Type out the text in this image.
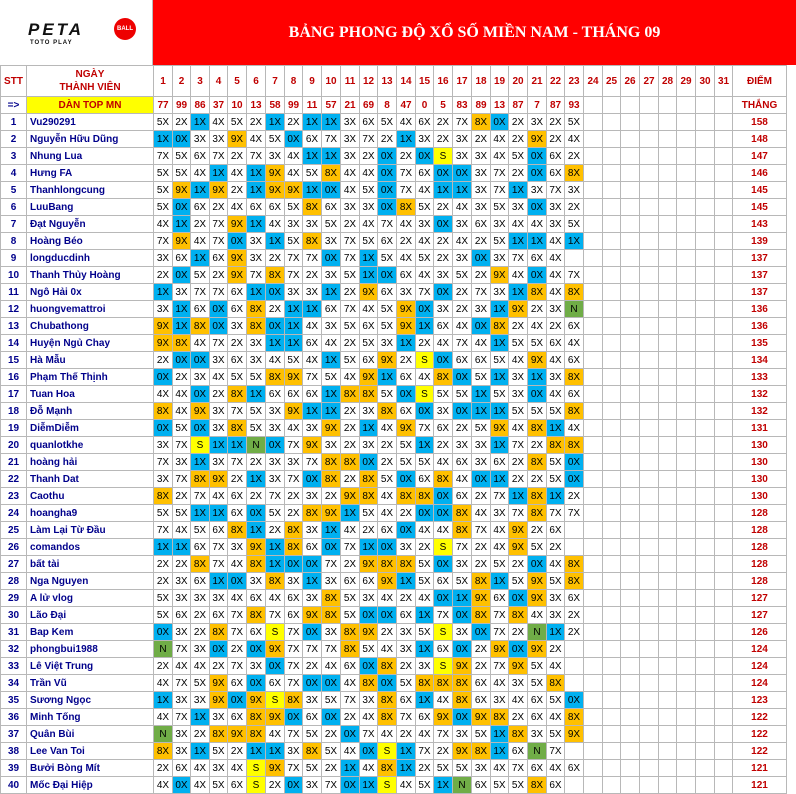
PETA
TOTO PLAY
BALL	BẢNG PHONG ĐỘ XỔ SỐ MIỀN NAM - THÁNG 09
STT	NGÀY
THÀNH VIÊN	1	2	3	4	5	6	7	8	9	10	11	12	13	14	15	16	17	18	19	20	21	22	23	24	25	26	27	28	29	30	31	ĐIỂM
=>	DÀN TOP MN	77	99	86	37	10	13	58	99	11	57	21	69	8	47	0	5	83	89	13	87	7	87	93									THẮNG
1	Vu290291	5X	2X	1X	4X	5X	2X	1X	2X	1X	1X	3X	6X	5X	4X	6X	2X	7X	8X	0X	2X	3X	2X	5X									158
2	Nguyễn Hữu Dũng	1X	0X	3X	3X	9X	4X	5X	0X	6X	7X	3X	7X	2X	1X	3X	2X	3X	2X	4X	2X	9X	2X	4X									148
3	Nhung Lua	7X	5X	6X	7X	2X	7X	3X	4X	1X	1X	3X	2X	0X	2X	0X	S	3X	3X	4X	5X	0X	6X	2X									147
4	Hưng FA	5X	5X	4X	1X	4X	1X	9X	4X	5X	8X	4X	4X	0X	7X	6X	0X	0X	3X	7X	2X	0X	6X	8X									146
5	Thanhlongcung	5X	9X	1X	9X	2X	1X	9X	9X	1X	0X	4X	5X	0X	7X	4X	1X	1X	3X	7X	1X	3X	7X	3X									145
6	LuuBang	5X	0X	6X	2X	4X	6X	6X	5X	8X	6X	3X	3X	0X	8X	5X	2X	4X	3X	5X	3X	0X	3X	2X									145
7	Đạt Nguyễn	4X	1X	2X	7X	9X	1X	4X	3X	3X	5X	2X	4X	7X	4X	3X	0X	3X	6X	3X	4X	4X	3X	5X									143
8	Hoàng Béo	7X	9X	4X	7X	0X	3X	1X	5X	8X	3X	7X	5X	6X	2X	4X	2X	4X	2X	5X	1X	1X	4X	1X									139
9	longducdinh	3X	6X	1X	6X	9X	3X	2X	7X	7X	0X	7X	1X	5X	4X	5X	2X	3X	0X	3X	7X	6X	4X										137
10	Thanh Thủy Hoàng	2X	0X	5X	2X	9X	7X	8X	7X	2X	3X	5X	1X	0X	6X	4X	3X	5X	2X	9X	4X	0X	4X	7X									137
11	Ngô Hải 0x	1X	3X	7X	7X	6X	1X	0X	3X	3X	1X	2X	9X	6X	3X	7X	0X	2X	7X	3X	1X	8X	4X	8X									137
12	huongvemattroi	3X	1X	6X	0X	6X	8X	2X	1X	1X	6X	7X	4X	5X	9X	0X	3X	2X	3X	1X	9X	2X	3X	N									136
13	Chubathong	9X	1X	8X	0X	3X	8X	0X	1X	4X	3X	5X	6X	5X	9X	1X	6X	4X	0X	8X	2X	4X	2X	6X									136
14	Huyện Ngủ Chay	9X	8X	4X	7X	2X	3X	1X	1X	6X	4X	2X	5X	3X	1X	2X	4X	7X	4X	1X	5X	5X	6X	4X									135
15	Hà Mẫu	2X	0X	0X	3X	6X	3X	4X	5X	4X	1X	5X	6X	9X	2X	S	0X	6X	6X	5X	4X	9X	4X	6X									134
16	Phạm Thế Thịnh	0X	2X	3X	4X	5X	5X	8X	9X	7X	5X	4X	9X	1X	6X	4X	8X	0X	5X	1X	3X	1X	3X	8X									133
17	Tuan Hoa	4X	4X	0X	2X	8X	1X	6X	6X	6X	1X	8X	8X	5X	0X	S	5X	5X	1X	5X	3X	0X	4X	6X									132
18	Đỗ Mạnh	8X	4X	9X	3X	7X	5X	3X	9X	1X	1X	2X	3X	8X	6X	0X	3X	0X	1X	1X	5X	5X	5X	8X									132
19	DiễmDiễm	0X	5X	0X	3X	8X	5X	3X	4X	3X	9X	2X	1X	4X	9X	7X	6X	2X	5X	9X	4X	8X	1X	4X									131
20	quanlotkhe	3X	7X	S	1X	1X	N	0X	7X	9X	3X	2X	3X	2X	5X	1X	2X	3X	3X	1X	7X	2X	8X	8X									130
21	hoàng hải	7X	3X	1X	3X	7X	2X	3X	3X	7X	8X	8X	0X	2X	5X	5X	4X	6X	3X	6X	2X	8X	5X	0X									130
22	Thanh Dat	3X	7X	8X	9X	2X	1X	3X	7X	0X	8X	2X	8X	5X	0X	6X	8X	4X	0X	1X	2X	2X	5X	0X									130
23	Caothu	8X	2X	7X	4X	6X	2X	7X	2X	3X	2X	9X	8X	4X	8X	8X	0X	6X	2X	7X	1X	8X	1X	2X									130
24	hoangha9	5X	5X	1X	1X	6X	0X	5X	2X	8X	9X	1X	5X	4X	2X	0X	0X	8X	4X	3X	7X	8X	7X	7X									128
25	Làm Lại Từ Đầu	7X	4X	5X	6X	8X	1X	2X	8X	3X	1X	4X	2X	6X	0X	4X	4X	8X	7X	4X	9X	2X	6X										128
26	comandos	1X	1X	6X	7X	3X	9X	1X	8X	6X	0X	7X	1X	0X	3X	2X	S	7X	2X	4X	9X	5X	2X										128
27	bất tài	2X	2X	8X	7X	4X	8X	1X	0X	0X	7X	2X	9X	8X	8X	5X	0X	3X	2X	5X	2X	0X	4X	8X									128
28	Nga Nguyen	2X	3X	6X	1X	0X	3X	8X	3X	1X	3X	6X	6X	9X	1X	5X	6X	5X	8X	1X	5X	9X	5X	8X									128
29	A lử vlog	5X	3X	3X	3X	4X	6X	4X	6X	3X	8X	5X	3X	4X	2X	4X	0X	1X	9X	6X	0X	9X	3X	6X									127
30	Lão Đại	5X	6X	2X	6X	7X	8X	7X	6X	9X	8X	5X	0X	0X	6X	1X	7X	0X	8X	7X	8X	4X	3X	2X									127
31	Bap Kem	0X	3X	2X	8X	7X	6X	S	7X	0X	3X	8X	9X	2X	3X	5X	S	3X	0X	7X	2X	N	1X	2X									126
32	phongbui1988	N	7X	3X	0X	2X	0X	9X	7X	7X	7X	8X	5X	4X	3X	1X	6X	0X	2X	9X	0X	9X	2X										124
33	Lê Việt Trung	2X	4X	4X	2X	7X	3X	0X	7X	2X	4X	6X	0X	8X	2X	3X	S	9X	2X	7X	9X	5X	4X										124
34	Trần Vũ	4X	7X	5X	9X	6X	0X	6X	7X	0X	0X	4X	8X	0X	5X	8X	8X	8X	6X	4X	3X	5X	8X										124
35	Sương Ngọc	1X	3X	3X	9X	0X	9X	S	8X	3X	5X	7X	3X	8X	6X	1X	4X	8X	6X	3X	4X	6X	5X	0X									123
36	Minh Tống	4X	7X	1X	3X	6X	8X	9X	0X	6X	0X	2X	4X	8X	7X	6X	9X	0X	9X	8X	2X	6X	4X	8X									122
37	Quân Bùi	N	3X	2X	8X	9X	8X	4X	7X	5X	2X	0X	7X	4X	2X	4X	7X	3X	5X	1X	8X	3X	5X	9X									122
38	Lee Van Toi	8X	3X	1X	5X	2X	1X	1X	3X	8X	5X	4X	0X	S	1X	7X	2X	9X	8X	1X	6X	N	7X										122
39	Bưởi Bòng Mít	2X	6X	4X	3X	4X	S	9X	7X	5X	2X	1X	4X	8X	1X	2X	5X	5X	3X	4X	7X	6X	4X	6X									121
40	Mốc Đại Hiệp	4X	0X	4X	5X	6X	S	2X	0X	3X	7X	0X	1X	S	4X	5X	1X	N	6X	5X	5X	8X	6X										121
